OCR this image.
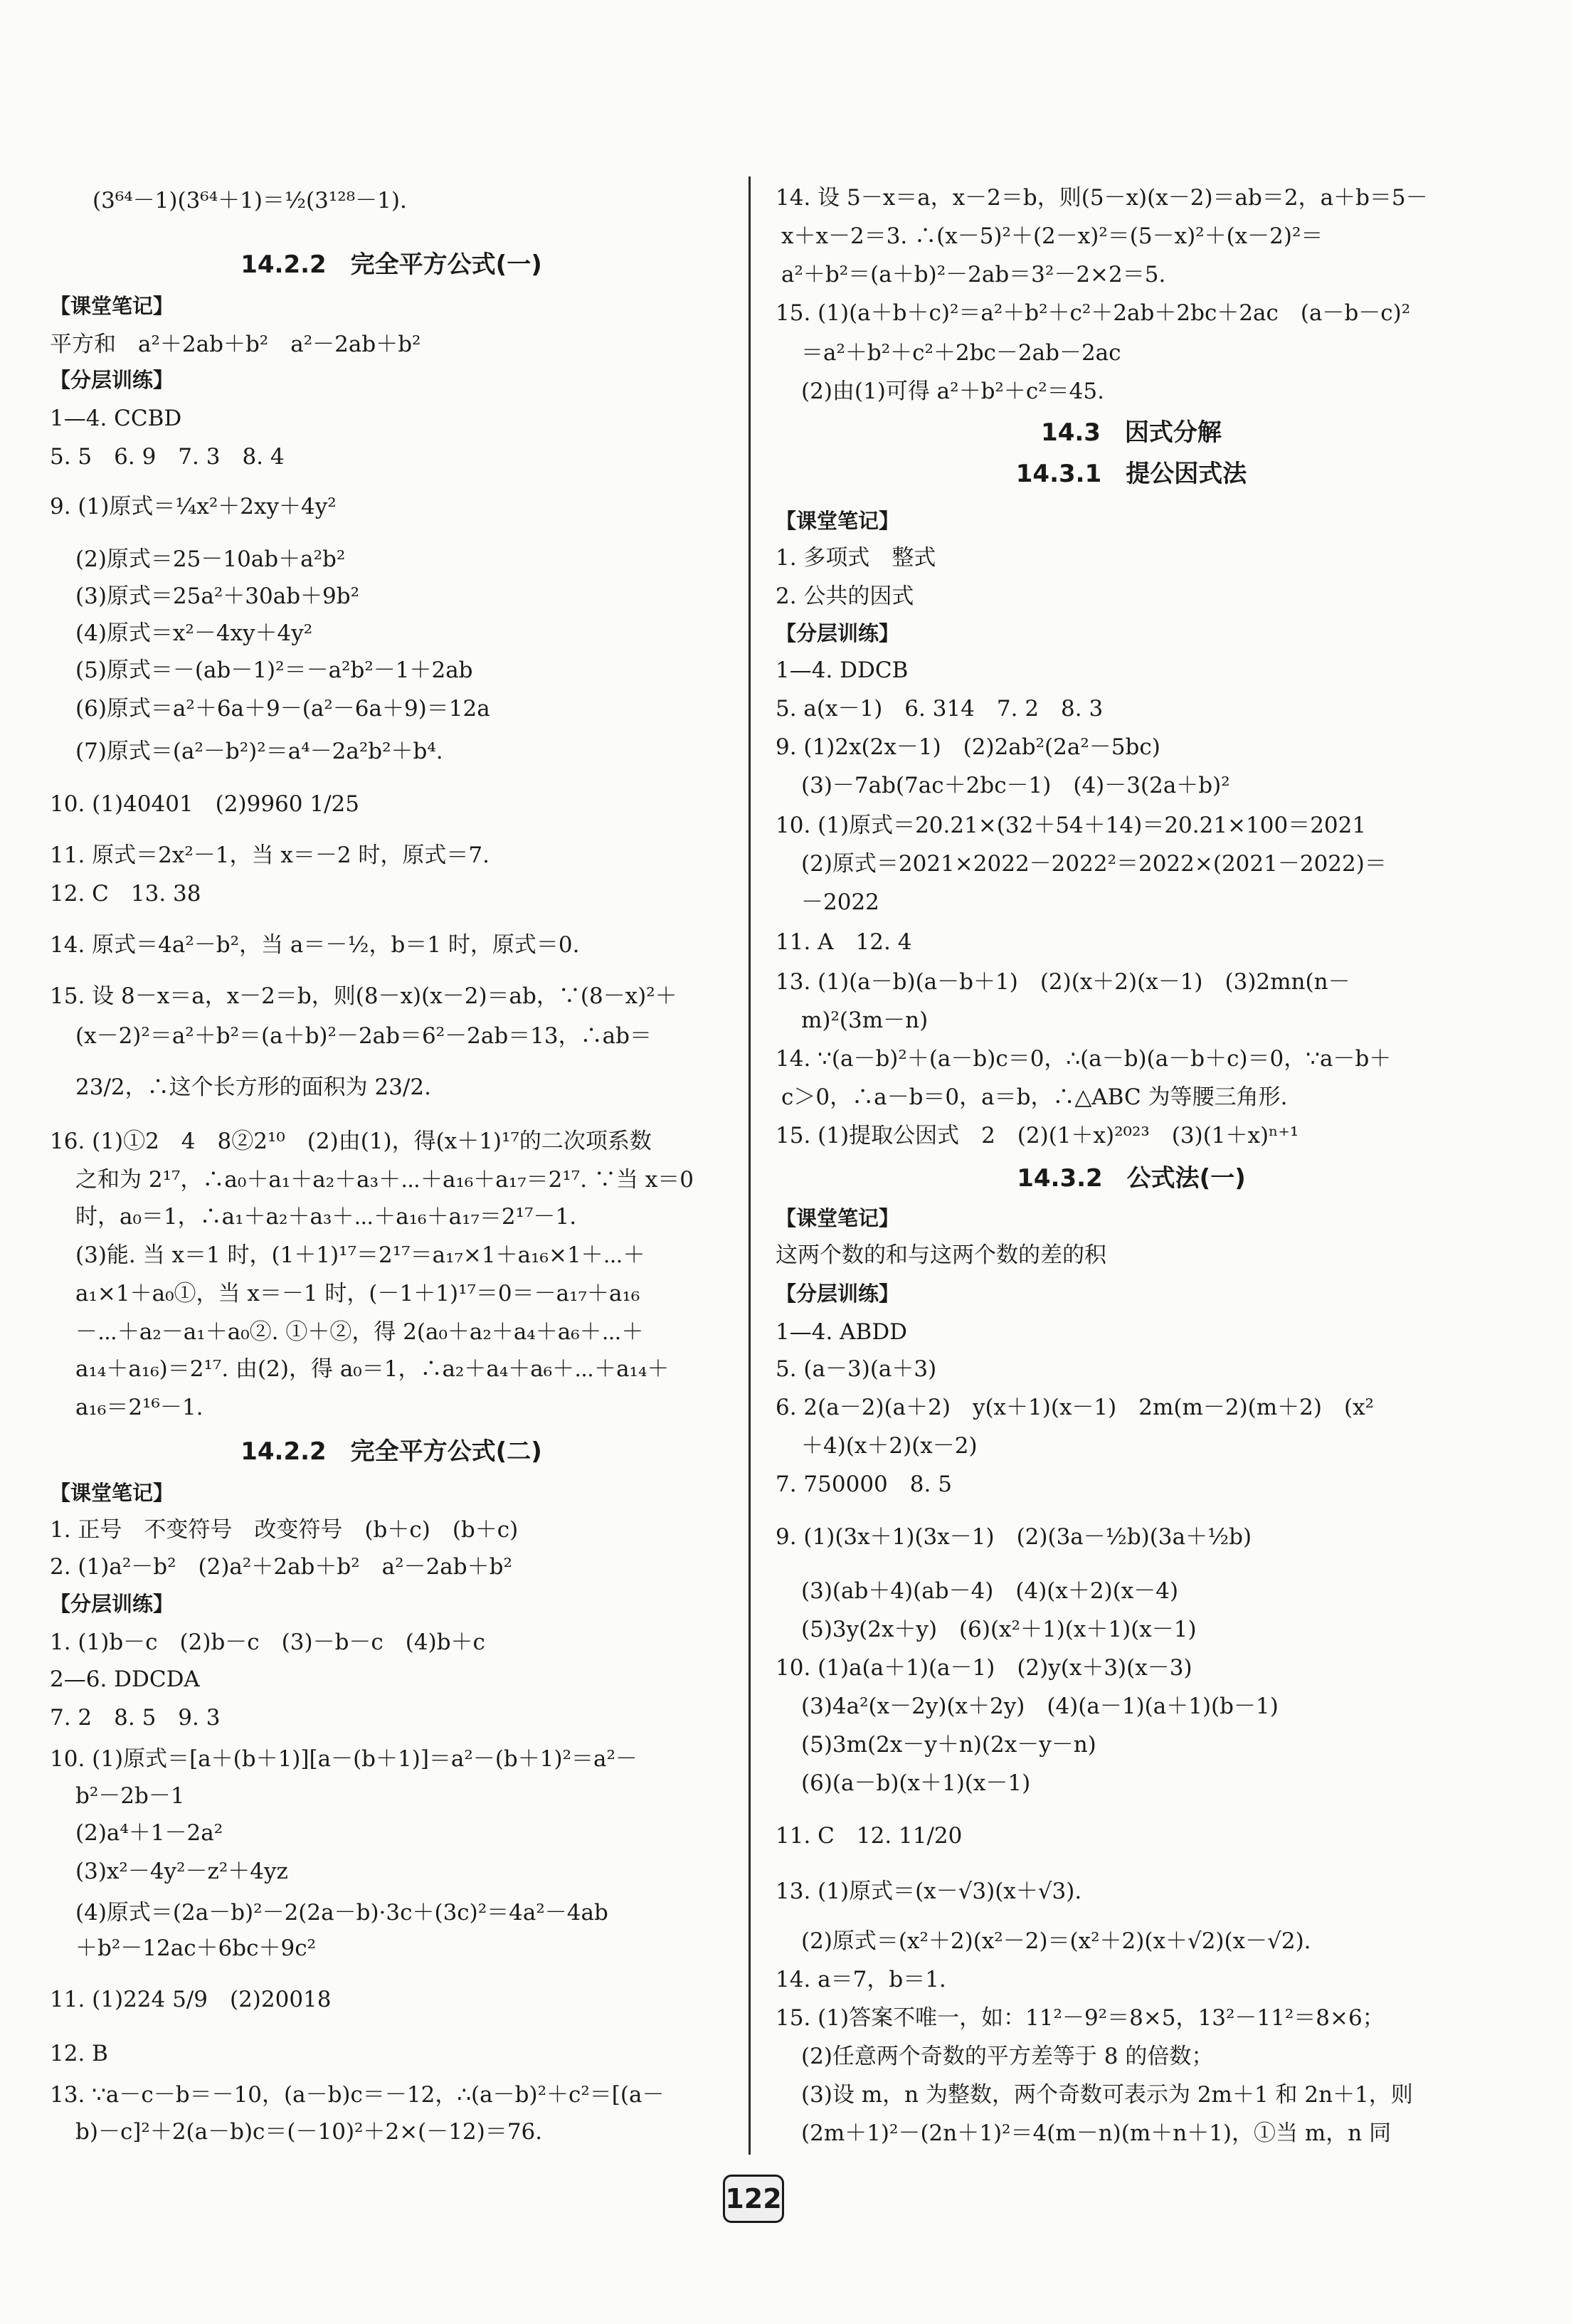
(3⁶⁴－1)(3⁶⁴＋1)＝½(3¹²⁸－1).
14.2.2　完全平方公式(一)
【课堂笔记】
平方和　a²＋2ab＋b²　a²－2ab＋b²
【分层训练】
1—4. CCBD
5. 5　6. 9　7. 3　8. 4
9. (1)原式＝¼x²＋2xy＋4y²
(2)原式＝25－10ab＋a²b²
(3)原式＝25a²＋30ab＋9b²
(4)原式＝x²－4xy＋4y²
(5)原式＝－(ab－1)²＝－a²b²－1＋2ab
(6)原式＝a²＋6a＋9－(a²－6a＋9)＝12a
(7)原式＝(a²－b²)²＝a⁴－2a²b²＋b⁴.
10. (1)40401　(2)9960 1/25
11. 原式＝2x²－1，当 x＝－2 时，原式＝7.
12. C　13. 38
14. 原式＝4a²－b²，当 a＝－½，b＝1 时，原式＝0.
15. 设 8－x＝a，x－2＝b，则(8－x)(x－2)＝ab，∵(8－x)²＋
(x－2)²＝a²＋b²＝(a＋b)²－2ab＝6²－2ab＝13，∴ab＝
23/2，∴这个长方形的面积为 23/2.
16. (1)①2　4　8②2¹⁰　(2)由(1)，得(x＋1)¹⁷的二次项系数
之和为 2¹⁷，∴a₀＋a₁＋a₂＋a₃＋⋯＋a₁₆＋a₁₇＝2¹⁷. ∵当 x＝0
时，a₀＝1，∴a₁＋a₂＋a₃＋⋯＋a₁₆＋a₁₇＝2¹⁷－1.
(3)能. 当 x＝1 时，(1＋1)¹⁷＝2¹⁷＝a₁₇×1＋a₁₆×1＋⋯＋
a₁×1＋a₀①，当 x＝－1 时，(－1＋1)¹⁷＝0＝－a₁₇＋a₁₆
－⋯＋a₂－a₁＋a₀②. ①＋②，得 2(a₀＋a₂＋a₄＋a₆＋⋯＋
a₁₄＋a₁₆)＝2¹⁷. 由(2)，得 a₀＝1，∴a₂＋a₄＋a₆＋⋯＋a₁₄＋
a₁₆＝2¹⁶－1.
14.2.2　完全平方公式(二)
【课堂笔记】
1. 正号　不变符号　改变符号　(b＋c)　(b＋c)
2. (1)a²－b²　(2)a²＋2ab＋b²　a²－2ab＋b²
【分层训练】
1. (1)b－c　(2)b－c　(3)－b－c　(4)b＋c
2—6. DDCDA
7. 2　8. 5　9. 3
10. (1)原式＝[a＋(b＋1)][a－(b＋1)]＝a²－(b＋1)²＝a²－
b²－2b－1
(2)a⁴＋1－2a²
(3)x²－4y²－z²＋4yz
(4)原式＝(2a－b)²－2(2a－b)·3c＋(3c)²＝4a²－4ab
＋b²－12ac＋6bc＋9c²
11. (1)224 5/9　(2)20018
12. B
13. ∵a－c－b＝－10，(a－b)c＝－12，∴(a－b)²＋c²＝[(a－
b)－c]²＋2(a－b)c＝(－10)²＋2×(－12)＝76.
14. 设 5－x＝a，x－2＝b，则(5－x)(x－2)＝ab＝2，a＋b＝5－
x＋x－2＝3. ∴(x－5)²＋(2－x)²＝(5－x)²＋(x－2)²＝
a²＋b²＝(a＋b)²－2ab＝3²－2×2＝5.
15. (1)(a＋b＋c)²＝a²＋b²＋c²＋2ab＋2bc＋2ac　(a－b－c)²
＝a²＋b²＋c²＋2bc－2ab－2ac
(2)由(1)可得 a²＋b²＋c²＝45.
14.3　因式分解
14.3.1　提公因式法
【课堂笔记】
1. 多项式　整式
2. 公共的因式
【分层训练】
1—4. DDCB
5. a(x－1)　6. 314　7. 2　8. 3
9. (1)2x(2x－1)　(2)2ab²(2a²－5bc)
(3)－7ab(7ac＋2bc－1)　(4)－3(2a＋b)²
10. (1)原式＝20.21×(32＋54＋14)＝20.21×100＝2021
(2)原式＝2021×2022－2022²＝2022×(2021－2022)＝
－2022
11. A　12. 4
13. (1)(a－b)(a－b＋1)　(2)(x＋2)(x－1)　(3)2mn(n－
m)²(3m－n)
14. ∵(a－b)²＋(a－b)c＝0，∴(a－b)(a－b＋c)＝0，∵a－b＋
c＞0，∴a－b＝0，a＝b，∴△ABC 为等腰三角形.
15. (1)提取公因式　2　(2)(1＋x)²⁰²³　(3)(1＋x)ⁿ⁺¹
14.3.2　公式法(一)
【课堂笔记】
这两个数的和与这两个数的差的积
【分层训练】
1—4. ABDD
5. (a－3)(a＋3)
6. 2(a－2)(a＋2)　y(x＋1)(x－1)　2m(m－2)(m＋2)　(x²
＋4)(x＋2)(x－2)
7. 750000　8. 5
9. (1)(3x＋1)(3x－1)　(2)(3a－½b)(3a＋½b)
(3)(ab＋4)(ab－4)　(4)(x＋2)(x－4)
(5)3y(2x＋y)　(6)(x²＋1)(x＋1)(x－1)
10. (1)a(a＋1)(a－1)　(2)y(x＋3)(x－3)
(3)4a²(x－2y)(x＋2y)　(4)(a－1)(a＋1)(b－1)
(5)3m(2x－y＋n)(2x－y－n)
(6)(a－b)(x＋1)(x－1)
11. C　12. 11/20
13. (1)原式＝(x－√3)(x＋√3).
(2)原式＝(x²＋2)(x²－2)＝(x²＋2)(x＋√2)(x－√2).
14. a＝7，b＝1.
15. (1)答案不唯一，如：11²－9²＝8×5，13²－11²＝8×6；
(2)任意两个奇数的平方差等于 8 的倍数；
(3)设 m，n 为整数，两个奇数可表示为 2m＋1 和 2n＋1，则
(2m＋1)²－(2n＋1)²＝4(m－n)(m＋n＋1)，①当 m，n 同
122
